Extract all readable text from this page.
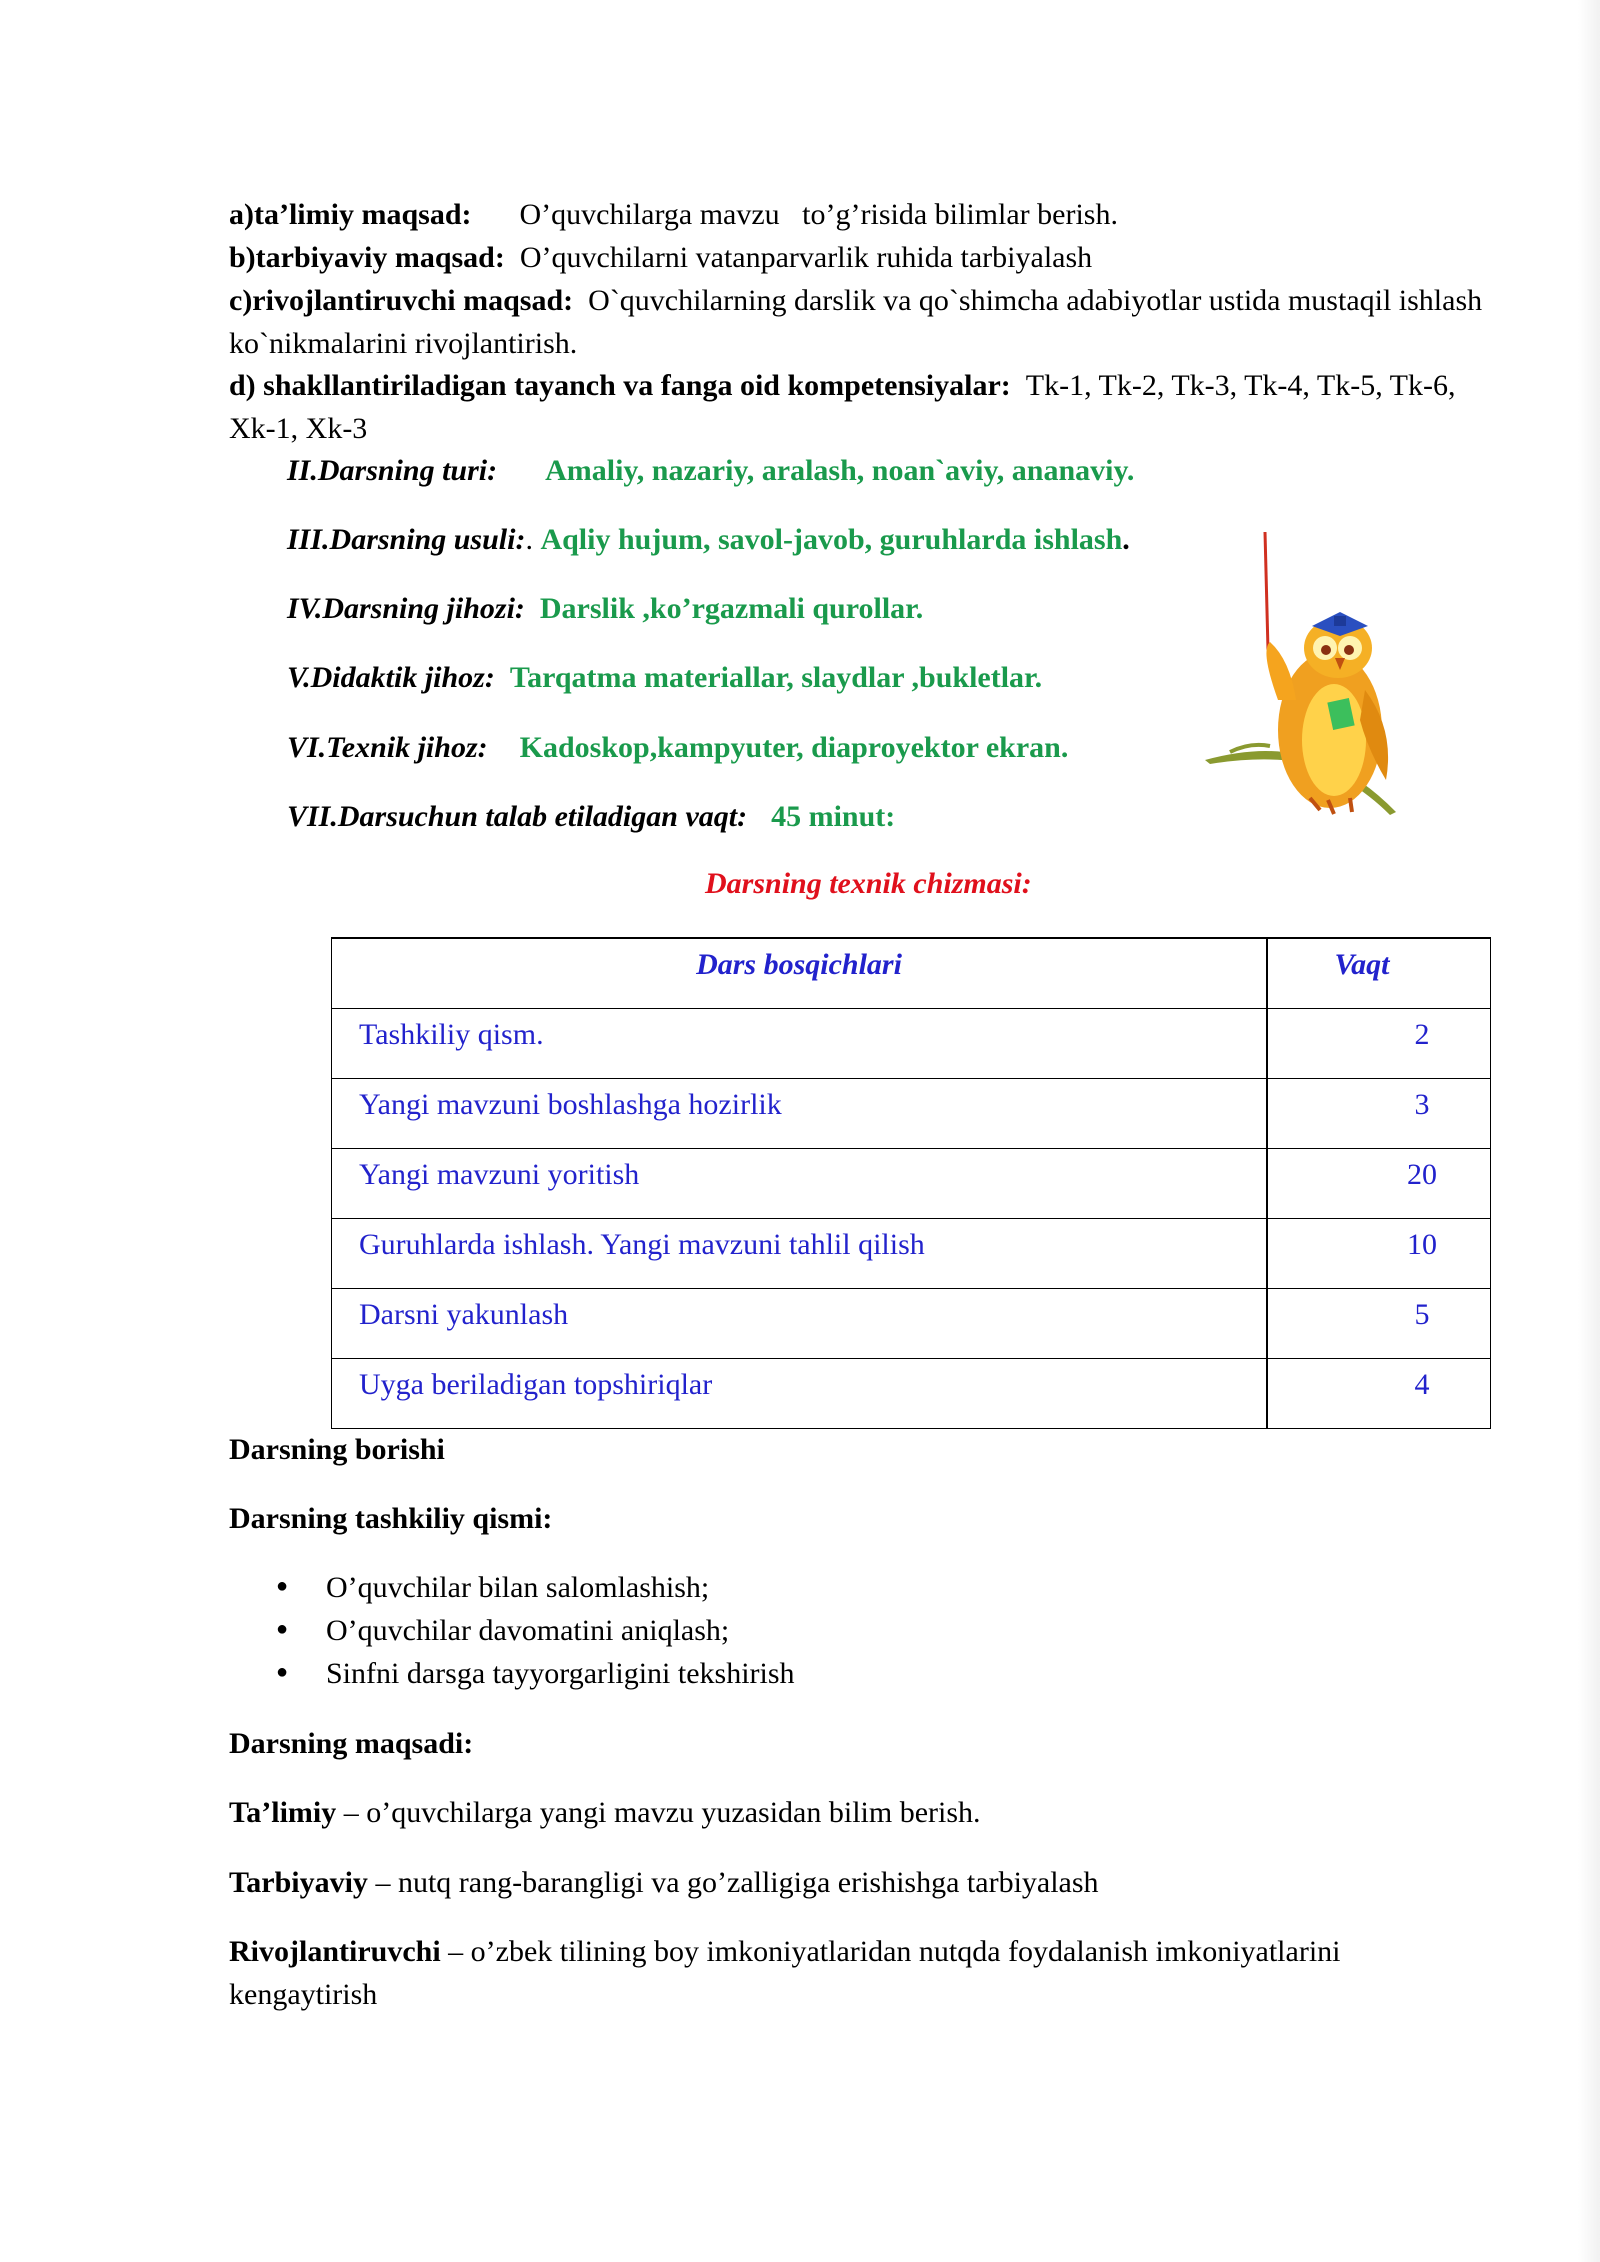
a)ta’limiy maqsad: O’quvchilarga mavzu   to’g’risida bilimlar berish.
b)tarbiyaviy maqsad: O’quvchilarni vatanparvarlik ruhida tarbiyalash
c)rivojlantiruvchi maqsad: O`quvchilarning darslik va qo`shimcha adabiyotlar ustida mustaqil ishlash ko`nikmalarini rivojlantirish.
d) shakllantiriladigan tayanch va fanga oid kompetensiyalar: Tk-1, Tk-2, Tk-3, Tk-4, Tk-5, Tk-6, Xk-1, Xk-3
II.Darsning turi: Amaliy, nazariy, aralash, noan`aviy, ananaviy.
III.Darsning usuli:. Aqliy hujum, savol-javob, guruhlarda ishlash.
IV.Darsning jihozi: Darslik ,ko’rgazmali qurollar.
V.Didaktik jihoz: Tarqatma materiallar, slaydlar ,bukletlar.
VI.Texnik jihoz: Kadoskop,kampyuter, diaproyektor ekran.
VII.Darsuchun talab etiladigan vaqt: 45 minut:
Darsning texnik chizmasi:
Dars bosqichlari	Vaqt
Tashkiliy qism.	2
Yangi mavzuni boshlashga hozirlik	3
Yangi mavzuni yoritish	20
Guruhlarda ishlash. Yangi mavzuni tahlil qilish	10
Darsni yakunlash	5
Uyga beriladigan topshiriqlar	4
Darsning borishi
Darsning tashkiliy qismi:
● O’quvchilar bilan salomlashish;
● O’quvchilar davomatini aniqlash;
● Sinfni darsga tayyorgarligini tekshirish
Darsning maqsadi:
Ta’limiy – o’quvchilarga yangi mavzu yuzasidan bilim berish.
Tarbiyaviy – nutq rang-barangligi va go’zalligiga erishishga tarbiyalash
Rivojlantiruvchi – o’zbek tilining boy imkoniyatlaridan nutqda foydalanish imkoniyatlarini kengaytirish
